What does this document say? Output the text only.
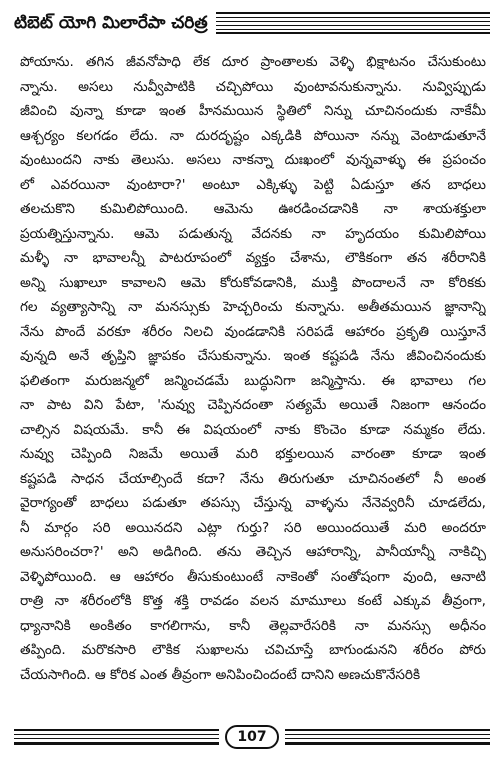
టిబెట్ యోగి మిలారేపా చరిత్ర
పోయాను. తగిన జీవనోపాధి లేక దూర ప్రాంతాలకు వెళ్ళి భిక్షాటనం చేసుకుంటు
న్నాను. అసలు నువ్వీపాటికి చచ్చిపోయి వుంటావనుకున్నాను. నువ్విప్పుడు
జీవించి వున్నా కూడా ఇంత హీనమయిన స్థితిలో నిన్ను చూచినందుకు నాకేమీ
ఆశ్చర్యం కలగడం లేదు. నా దురదృష్టం ఎక్కడికి పోయినా నన్ను వెంటాడుతూనే
వుంటుందని నాకు తెలుసు. అసలు నాకన్నా దుఃఖంలో వున్నవాళ్ళు ఈ ప్రపంచం
లో ఎవరయినా వుంటారా?' అంటూ ఎక్కిళ్ళు పెట్టి ఏడుస్తూ తన బాధలు
తలచుకొని కుమిలిపోయింది. ఆమెను ఊరడించడానికి నా శాయశక్తులా
ప్రయత్నిస్తున్నాను. ఆమె పడుతున్న వేదనకు నా హృదయం కుమిలిపోయి
మళ్ళీ నా భావాలన్నీ పాటరూపంలో వ్యక్తం చేశాను, లౌకికంగా తన శరీరానికి
అన్ని సుఖాలూ కావాలని ఆమె కోరుకోవడానికి, ముక్తి పొందాలనే నా కోరికకు
గల వ్యత్యాసాన్ని నా మనస్సుకు హెచ్చరించు కున్నాను. అతీతమయిన జ్ఞానాన్ని
నేను పొందే వరకూ శరీరం నిలచి వుండడానికి సరిపడే ఆహారం ప్రకృతి యిస్తూనే
వున్నది అనే తృప్తిని జ్ఞాపకం చేసుకున్నాను. ఇంత కష్టపడి నేను జీవించినందుకు
ఫలితంగా మరుజన్మలో జన్మించడమే బుద్ధునిగా జన్మిస్తాను. ఈ భావాలు గల
నా పాట విని పేటా, 'నువ్వు చెప్పినదంతా సత్యమే అయితే నిజంగా ఆనందం
చాల్సిన విషయమే. కానీ ఈ విషయంలో నాకు కొంచెం కూడా నమ్మకం లేదు.
నువ్వు చెప్పింది నిజమే అయితే మరి భక్తులయిన వారంతా కూడా ఇంత
కష్టపడి సాధన చేయాల్సిందే కదా? నేను తిరుగుతూ చూచినంతలో నీ అంత
వైరాగ్యంతో బాధలు పడుతూ తపస్సు చేస్తున్న వాళ్ళను నేనెవ్వరినీ చూడలేదు,
నీ మార్గం సరి అయినదని ఎట్లా గుర్తు? సరి అయిందయితే మరి అందరూ
అనుసరించరా?' అని అడిగింది. తను తెచ్చిన ఆహారాన్ని, పానీయాన్నీ నాకిచ్చి
వెళ్ళిపోయింది. ఆ ఆహారం తీసుకుంటుంటే నాకెంతో సంతోషంగా వుంది, ఆనాటి
రాత్రి నా శరీరంలోకి కొత్త శక్తి రావడం వలన మామూలు కంటే ఎక్కువ తీవ్రంగా,
ధ్యానానికి అంకితం కాగలిగాను, కానీ తెల్లవారేసరికి నా మనస్సు అధీనం
తప్పింది. మరొకసారి లౌకిక సుఖాలను చవిచూస్తే బాగుండునని శరీరం పోరు
చేయసాగింది. ఆ కోరిక ఎంత తీవ్రంగా అనిపించిందంటే దానిని అణచుకొనేసరికి
107
